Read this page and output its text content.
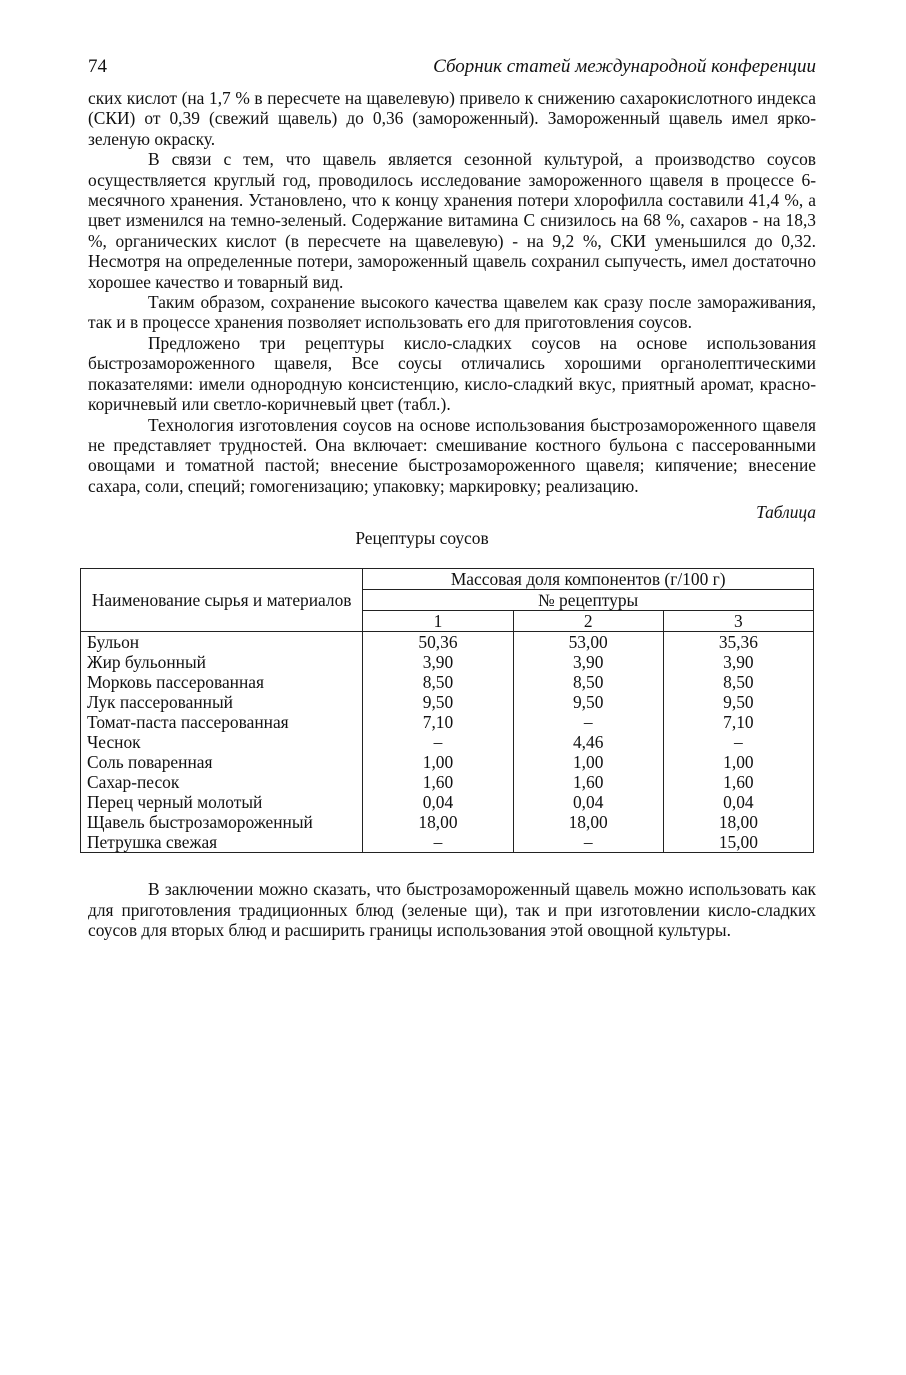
74	Сборник статей международной конференции

ских кислот (на 1,7 % в пересчете на щавелевую) привело к снижению сахарокислотного индекса (СКИ) от 0,39 (свежий щавель) до 0,36 (замороженный). Замороженный щавель имел ярко-зеленую окраску.

В связи с тем, что щавель является сезонной культурой, а производство соусов осуществляется круглый год, проводилось исследование замороженного щавеля в процессе 6-месячного хранения. Установлено, что к концу хранения потери хлорофилла составили 41,4 %, а цвет изменился на темно-зеленый. Содержание витамина С снизилось на 68 %, сахаров - на 18,3 %, органических кислот (в пересчете на щавелевую) - на 9,2 %, СКИ уменьшился до 0,32. Несмотря на определенные потери, замороженный щавель сохранил сыпучесть, имел достаточно хорошее качество и товарный вид.

Таким образом, сохранение высокого качества щавелем как сразу после замораживания, так и в процессе хранения позволяет использовать его для приготовления соусов.

Предложено три рецептуры кисло-сладких соусов на основе использования быстрозамороженного щавеля, Все соусы отличались хорошими органолептическими показателями: имели однородную консистенцию, кисло-сладкий вкус, приятный аромат, красно-коричневый или светло-коричневый цвет (табл.).

Технология изготовления соусов на основе использования быстрозамороженного щавеля не представляет трудностей. Она включает: смешивание костного бульона с пассерованными овощами и томатной пастой; внесение быстрозамороженного щавеля; кипячение; внесение сахара, соли, специй; гомогенизацию; упаковку; маркировку; реализацию.

Таблица
Рецептуры соусов
Наименование сырья и материалов	Массовая доля компонентов (г/100 г)		
	№ рецептуры		
	1	2	3
Бульон	50,36	53,00	35,36
Жир бульонный	3,90	3,90	3,90
Морковь пассерованная	8,50	8,50	8,50
Лук пассерованный	9,50	9,50	9,50
Томат-паста пассерованная	7,10	–	7,10
Чеснок	–	4,46	–
Соль поваренная	1,00	1,00	1,00
Сахар-песок	1,60	1,60	1,60
Перец черный молотый	0,04	0,04	0,04
Щавель быстрозамороженный	18,00	18,00	18,00
Петрушка свежая	–	–	15,00

В заключении можно сказать, что быстрозамороженный щавель можно использовать как для приготовления традиционных блюд (зеленые щи), так и при изготовлении кисло-сладких соусов для вторых блюд и расширить границы использования этой овощной культуры.
